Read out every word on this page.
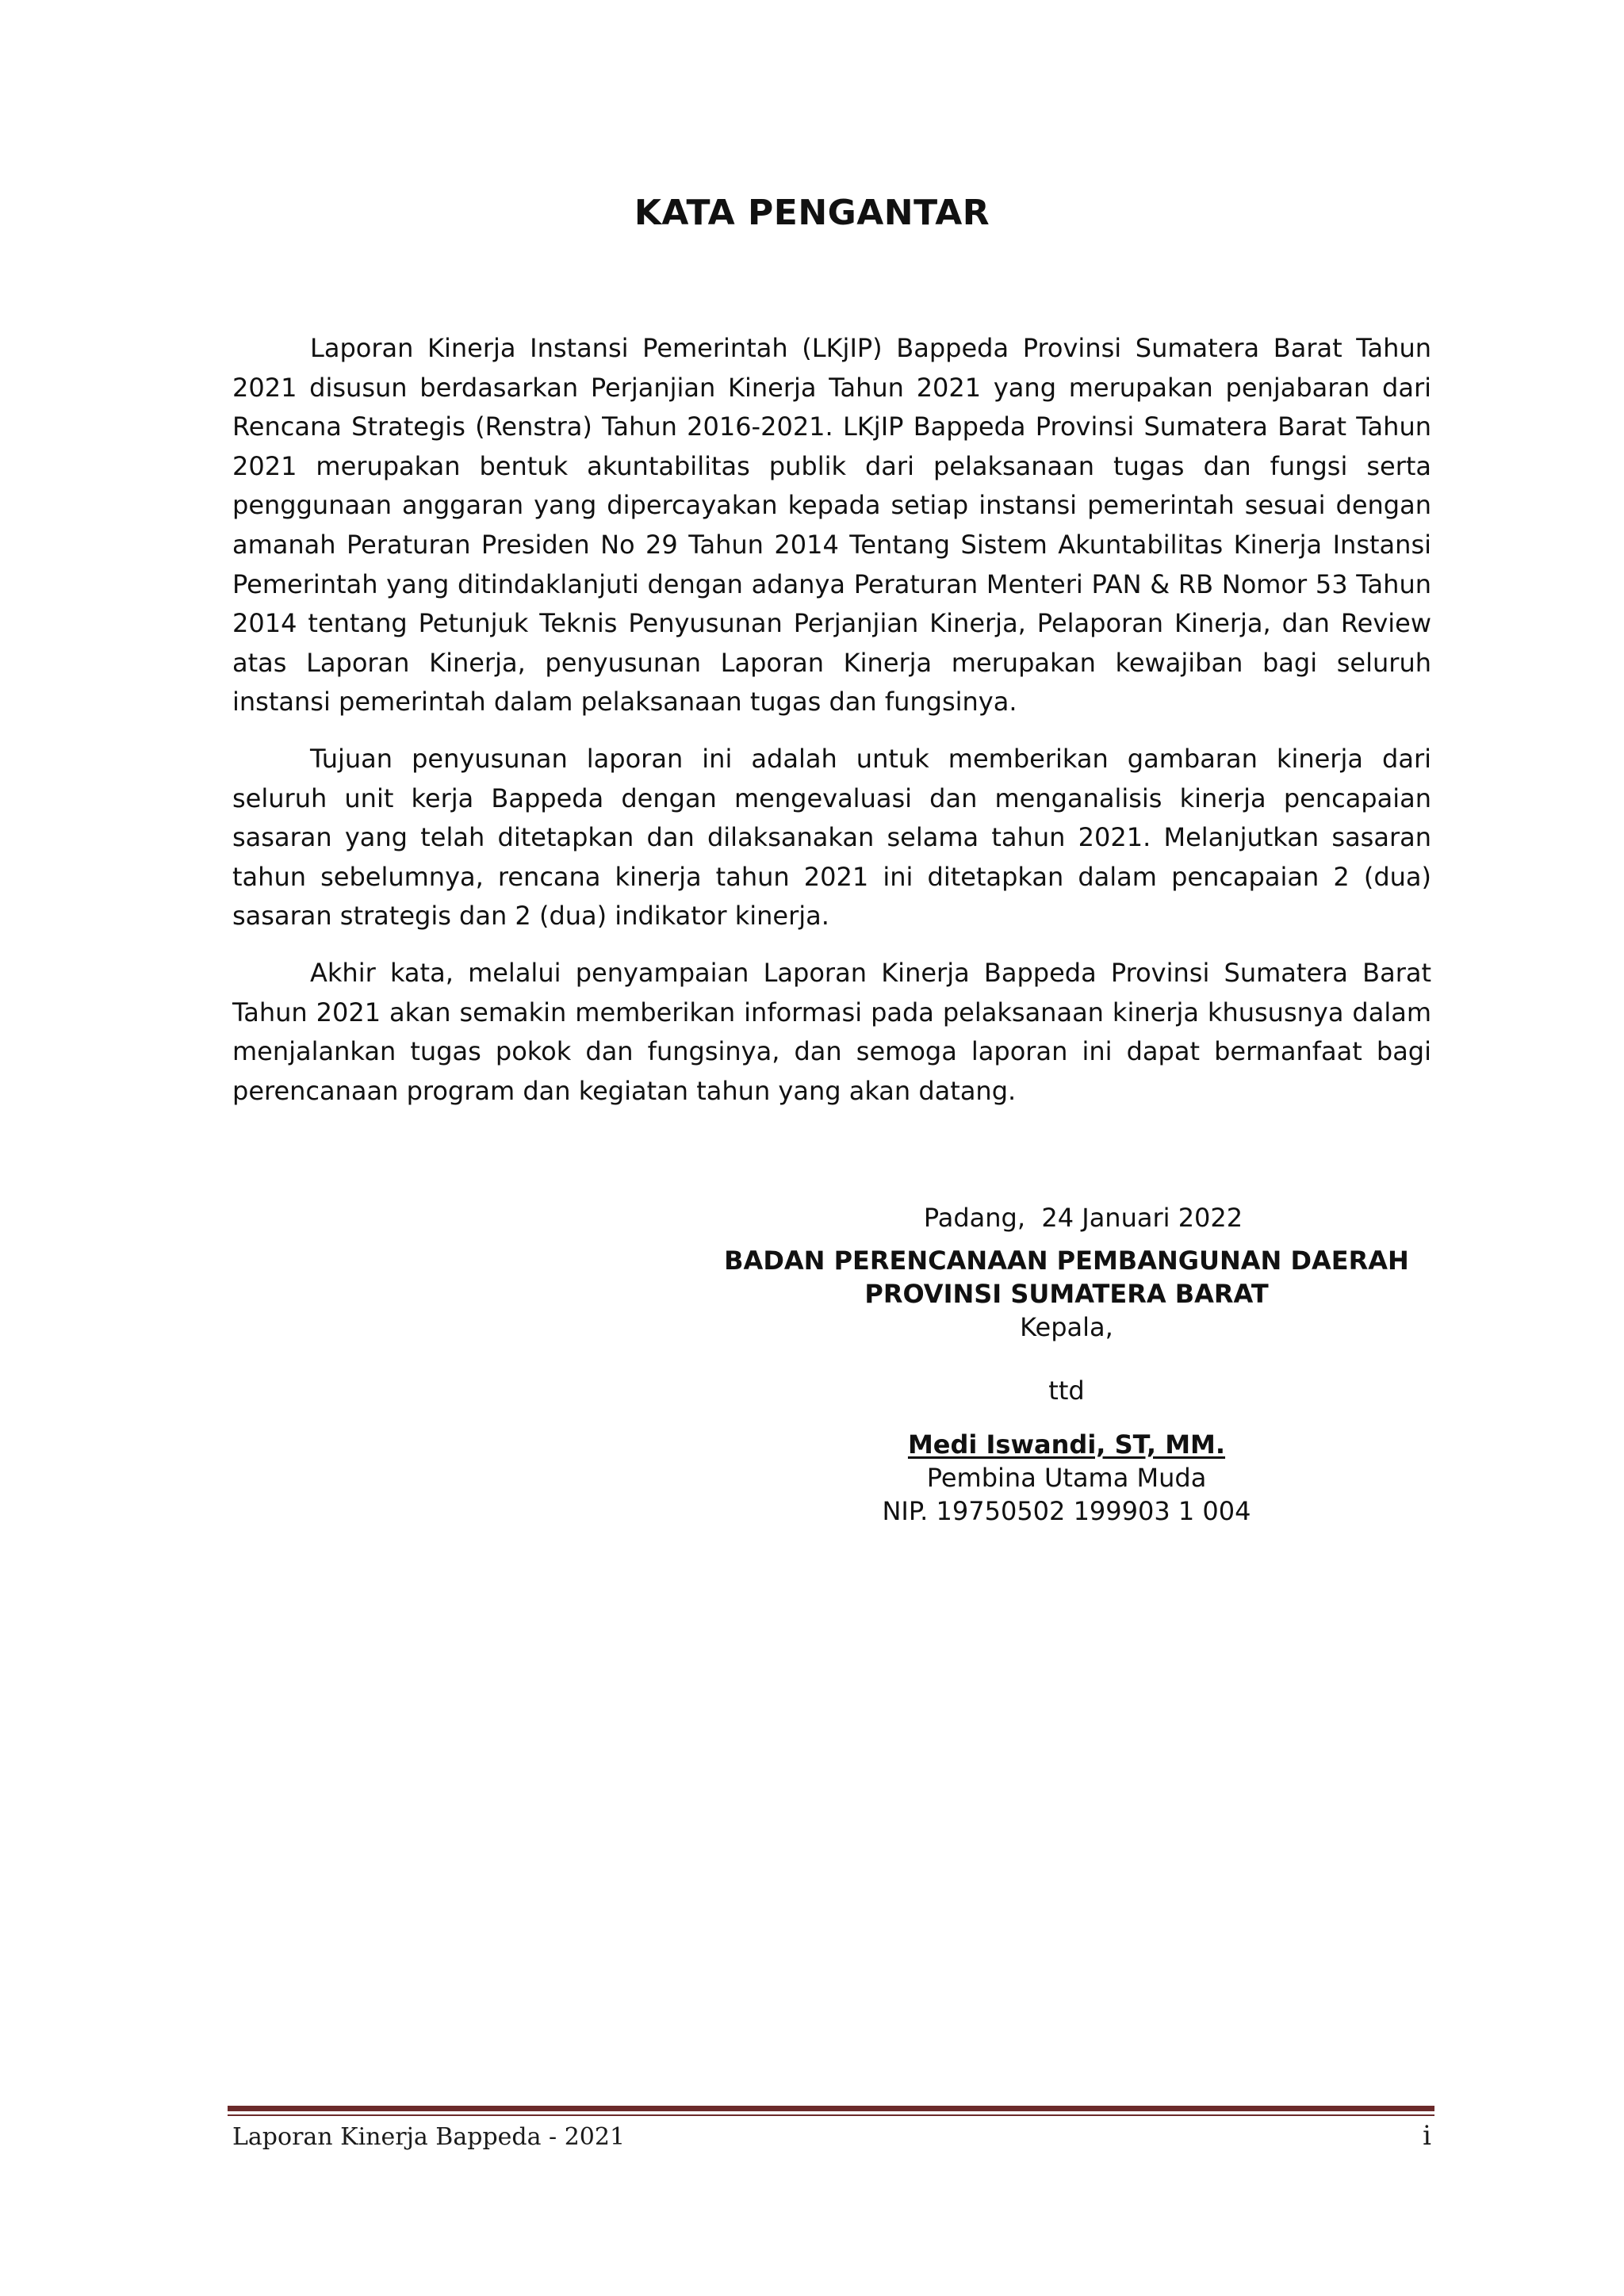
KATA PENGANTAR

Laporan Kinerja Instansi Pemerintah (LKjIP) Bappeda Provinsi Sumatera Barat Tahun 2021 disusun berdasarkan Perjanjian Kinerja Tahun 2021 yang merupakan penjabaran dari Rencana Strategis (Renstra) Tahun 2016-2021. LKjIP Bappeda Provinsi Sumatera Barat Tahun 2021 merupakan bentuk akuntabilitas publik dari pelaksanaan tugas dan fungsi serta penggunaan anggaran yang dipercayakan kepada setiap instansi pemerintah sesuai dengan amanah Peraturan Presiden No 29 Tahun 2014 Tentang Sistem Akuntabilitas Kinerja Instansi Pemerintah yang ditindaklanjuti dengan adanya Peraturan Menteri PAN & RB Nomor 53 Tahun 2014 tentang Petunjuk Teknis Penyusunan Perjanjian Kinerja, Pelaporan Kinerja, dan Review atas Laporan Kinerja, penyusunan Laporan Kinerja merupakan kewajiban bagi seluruh instansi pemerintah dalam pelaksanaan tugas dan fungsinya.

Tujuan penyusunan laporan ini adalah untuk memberikan gambaran kinerja dari seluruh unit kerja Bappeda dengan mengevaluasi dan menganalisis kinerja pencapaian sasaran yang telah ditetapkan dan dilaksanakan selama tahun 2021. Melanjutkan sasaran tahun sebelumnya, rencana kinerja tahun 2021 ini ditetapkan dalam pencapaian 2 (dua) sasaran strategis dan 2 (dua) indikator kinerja.

Akhir kata, melalui penyampaian Laporan Kinerja Bappeda Provinsi Sumatera Barat Tahun 2021 akan semakin memberikan informasi pada pelaksanaan kinerja khususnya dalam menjalankan tugas pokok dan fungsinya, dan semoga laporan ini dapat bermanfaat bagi perencanaan program dan kegiatan tahun yang akan datang.

Padang,  24 Januari 2022
BADAN PERENCANAAN PEMBANGUNAN DAERAH
PROVINSI SUMATERA BARAT
Kepala,
ttd
Medi Iswandi, ST, MM.
Pembina Utama Muda
NIP. 19750502 199903 1 004
Laporan Kinerja Bappeda - 2021	i
